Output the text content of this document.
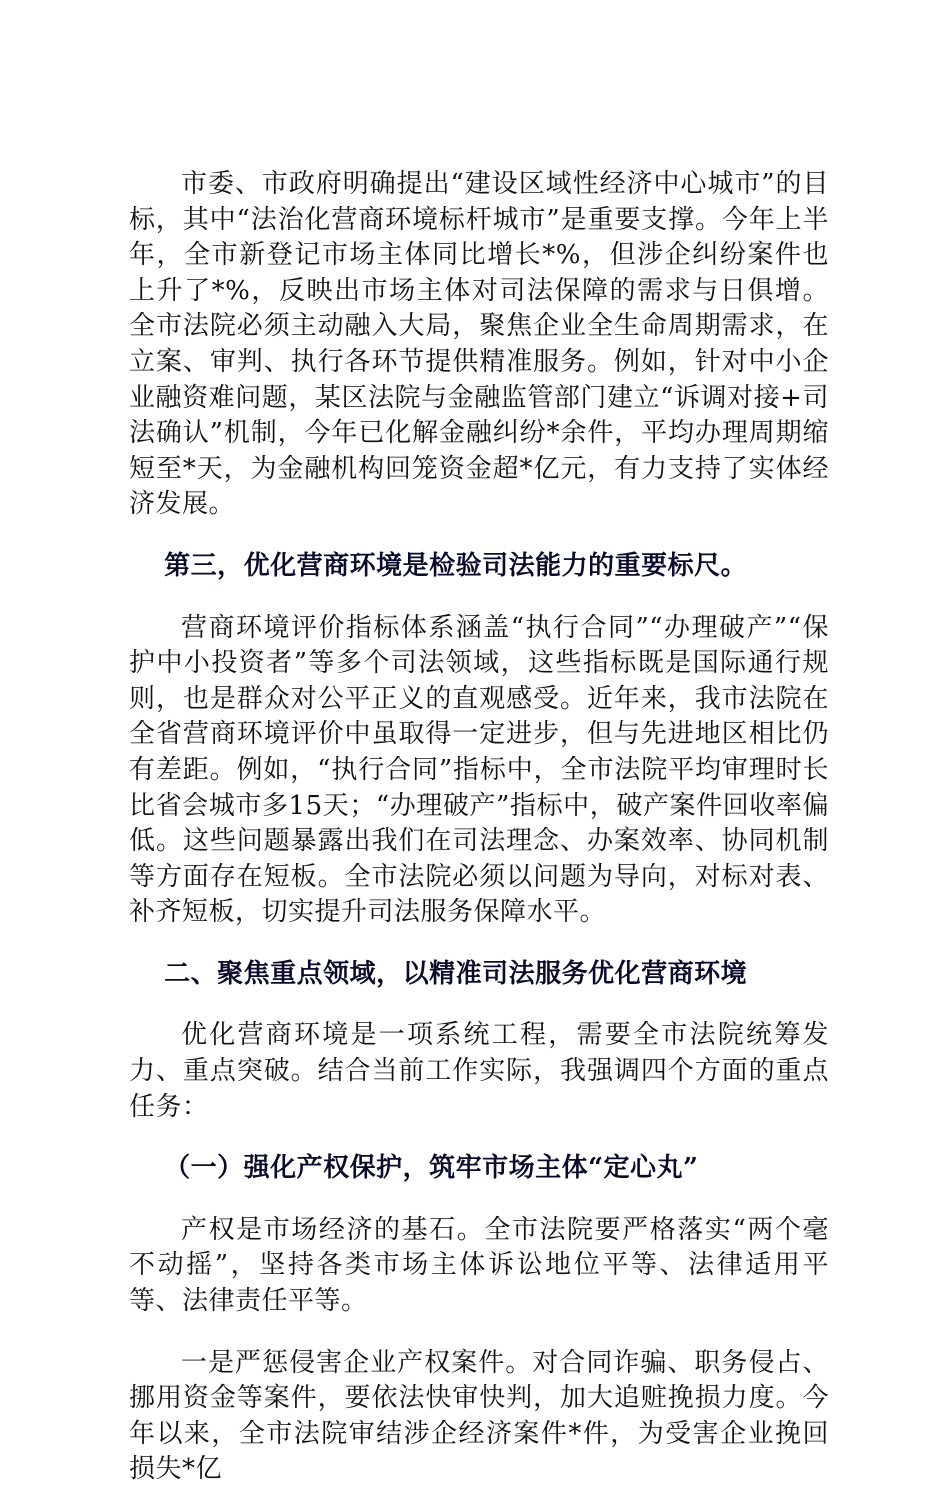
市委、市政府明确提出“建设区域性经济中心城市”的目标，其中“法治化营商环境标杆城市”是重要支撑。今年上半年，全市新登记市场主体同比增长*%，但涉企纠纷案件也上升了*%，反映出市场主体对司法保障的需求与日俱增。全市法院必须主动融入大局，聚焦企业全生命周期需求，在立案、审判、执行各环节提供精准服务。例如，针对中小企业融资难问题，某区法院与金融监管部门建立“诉调对接+司法确认”机制，今年已化解金融纠纷*余件，平均办理周期缩短至*天，为金融机构回笼资金超*亿元，有力支持了实体经济发展。

第三，优化营商环境是检验司法能力的重要标尺。

营商环境评价指标体系涵盖“执行合同”“办理破产”“保护中小投资者”等多个司法领域，这些指标既是国际通行规则，也是群众对公平正义的直观感受。近年来，我市法院在全省营商环境评价中虽取得一定进步，但与先进地区相比仍有差距。例如，“执行合同”指标中，全市法院平均审理时长比省会城市多15天；“办理破产”指标中，破产案件回收率偏低。这些问题暴露出我们在司法理念、办案效率、协同机制等方面存在短板。全市法院必须以问题为导向，对标对表、补齐短板，切实提升司法服务保障水平。

二、聚焦重点领域，以精准司法服务优化营商环境

优化营商环境是一项系统工程，需要全市法院统筹发力、重点突破。结合当前工作实际，我强调四个方面的重点任务：

（一）强化产权保护，筑牢市场主体“定心丸”

产权是市场经济的基石。全市法院要严格落实“两个毫不动摇”，坚持各类市场主体诉讼地位平等、法律适用平等、法律责任平等。

一是严惩侵害企业产权案件。对合同诈骗、职务侵占、挪用资金等案件，要依法快审快判，加大追赃挽损力度。今年以来，全市法院审结涉企经济案件*件，为受害企业挽回损失*亿
